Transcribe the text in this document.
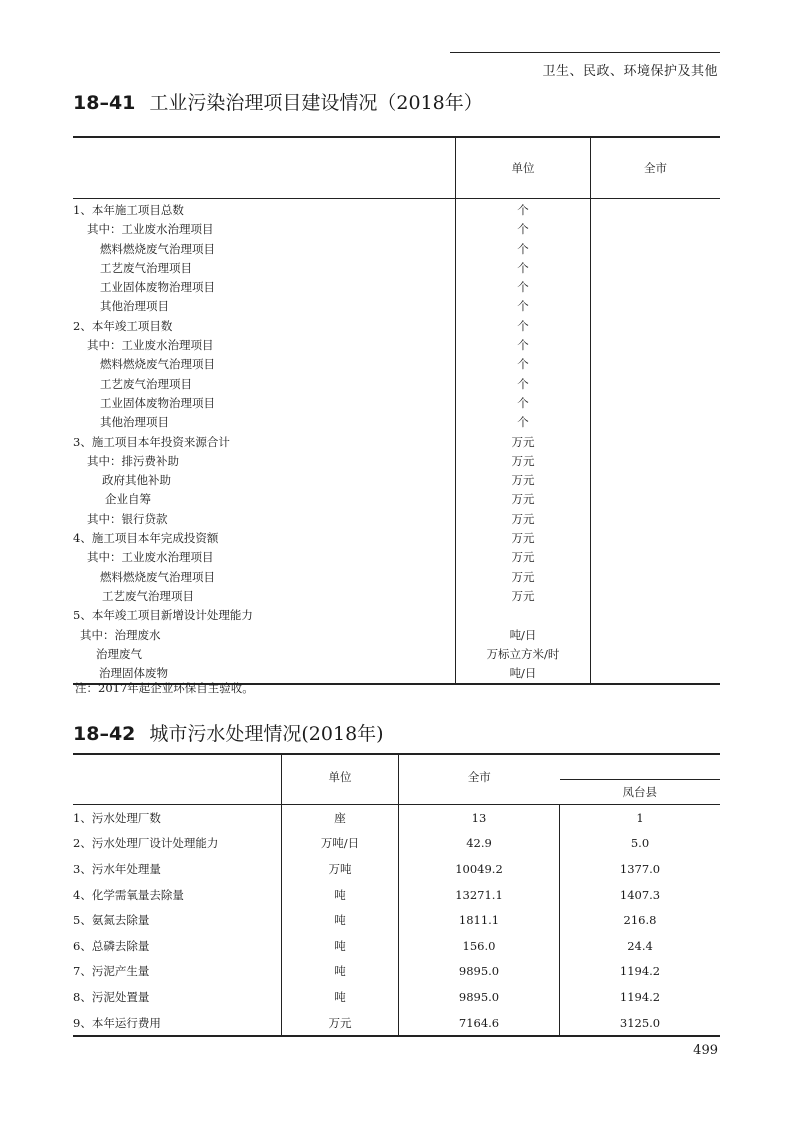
卫生、民政、环境保护及其他
18–41 工业污染治理项目建设情况（2018年）
	单位	全市
1、本年施工项目总数	个	
其中：工业废水治理项目	个	
燃料燃烧废气治理项目	个	
工艺废气治理项目	个	
工业固体废物治理项目	个	
其他治理项目	个	
2、本年竣工项目数	个	
其中：工业废水治理项目	个	
燃料燃烧废气治理项目	个	
工艺废气治理项目	个	
工业固体废物治理项目	个	
其他治理项目	个	
3、施工项目本年投资来源合计	万元	
其中：排污费补助	万元	
政府其他补助	万元	
企业自筹	万元	
其中：银行贷款	万元	
4、施工项目本年完成投资额	万元	
其中：工业废水治理项目	万元	
燃料燃烧废气治理项目	万元	
工艺废气治理项目	万元	
5、本年竣工项目新增设计处理能力		
其中：治理废水	吨/日	
治理废气	万标立方米/时	
治理固体废物	吨/日	
注：2017年起企业环保自主验收。
18–42 城市污水处理情况(2018年)
	单位	全市	
			凤台县
1、污水处理厂数	座	13	1
2、污水处理厂设计处理能力	万吨/日	42.9	5.0
3、污水年处理量	万吨	10049.2	1377.0
4、化学需氧量去除量	吨	13271.1	1407.3
5、氨氮去除量	吨	1811.1	216.8
6、总磷去除量	吨	156.0	24.4
7、污泥产生量	吨	9895.0	1194.2
8、污泥处置量	吨	9895.0	1194.2
9、本年运行费用	万元	7164.6	3125.0
499
